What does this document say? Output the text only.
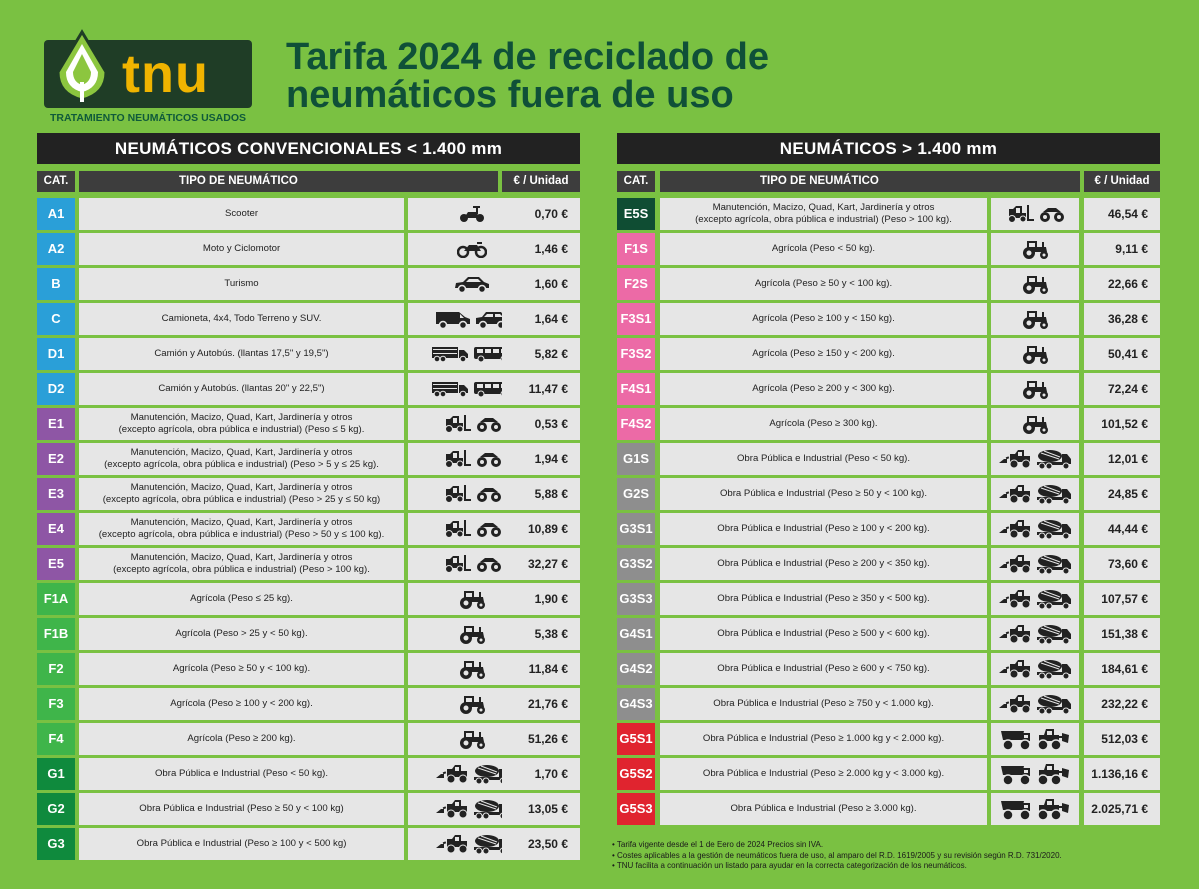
tnu
TRATAMIENTO NEUMÁTICOS USADOS
Tarifa 2024 de reciclado de
neumáticos fuera de uso
NEUMÁTICOS CONVENCIONALES < 1.400 mm
CAT.	TIPO DE NEUMÁTICO	€ / Unidad
NEUMÁTICOS > 1.400 mm
CAT.	TIPO DE NEUMÁTICO	€ / Unidad
A1	Scooter	0,70 €
A2	Moto y Ciclomotor	1,46 €
B	Turismo	1,60 €
C	Camioneta, 4x4, Todo Terreno y SUV.	1,64 €
D1	Camión y Autobús. (llantas 17,5" y 19,5")	5,82 €
D2	Camión y Autobús. (llantas 20" y 22,5")	11,47 €
E1	Manutención, Macizo, Quad, Kart, Jardinería y otros
(excepto agrícola, obra pública e industrial) (Peso ≤ 5 kg).	0,53 €
E2	Manutención, Macizo, Quad, Kart, Jardinería y otros
(excepto agrícola, obra pública e industrial) (Peso > 5 y ≤ 25 kg).	1,94 €
E3	Manutención, Macizo, Quad, Kart, Jardinería y otros
(excepto agrícola, obra pública e industrial) (Peso > 25 y ≤ 50 kg)	5,88 €
E4	Manutención, Macizo, Quad, Kart, Jardinería y otros
(excepto agrícola, obra pública e industrial) (Peso > 50 y ≤ 100 kg).	10,89 €
E5	Manutención, Macizo, Quad, Kart, Jardinería y otros
(excepto agrícola, obra pública e industrial) (Peso > 100 kg).	32,27 €
F1A	Agrícola (Peso ≤ 25 kg).	1,90 €
F1B	Agrícola (Peso > 25 y < 50 kg).	5,38 €
F2	Agrícola (Peso ≥ 50 y < 100 kg).	11,84 €
F3	Agrícola (Peso ≥ 100 y < 200 kg).	21,76 €
F4	Agrícola (Peso ≥ 200 kg).	51,26 €
G1	Obra Pública e Industrial (Peso < 50 kg).	1,70 €
G2	Obra Pública e Industrial (Peso ≥ 50 y < 100 kg)	13,05 €
G3	Obra Pública e Industrial (Peso ≥ 100 y < 500 kg)	23,50 €
E5S	Manutención, Macizo, Quad, Kart, Jardinería y otros
(excepto agrícola, obra pública e industrial) (Peso > 100 kg).	46,54 €
F1S	Agrícola (Peso < 50 kg).	9,11 €
F2S	Agrícola (Peso ≥ 50 y < 100 kg).	22,66 €
F3S1	Agrícola (Peso ≥ 100 y < 150 kg).	36,28 €
F3S2	Agrícola (Peso ≥ 150 y < 200 kg).	50,41 €
F4S1	Agrícola (Peso ≥ 200 y < 300 kg).	72,24 €
F4S2	Agrícola (Peso ≥ 300 kg).	101,52 €
G1S	Obra Pública e Industrial (Peso < 50 kg).	12,01 €
G2S	Obra Pública e Industrial (Peso ≥ 50 y < 100 kg).	24,85 €
G3S1	Obra Pública e Industrial (Peso ≥ 100 y < 200 kg).	44,44 €
G3S2	Obra Pública e Industrial (Peso ≥ 200 y < 350 kg).	73,60 €
G3S3	Obra Pública e Industrial (Peso ≥ 350 y < 500 kg).	107,57 €
G4S1	Obra Pública e Industrial (Peso ≥ 500 y < 600 kg).	151,38 €
G4S2	Obra Pública e Industrial (Peso ≥ 600 y < 750 kg).	184,61 €
G4S3	Obra Pública e Industrial (Peso ≥ 750 y < 1.000 kg).	232,22 €
G5S1	Obra Pública e Industrial (Peso ≥ 1.000 kg y < 2.000 kg).	512,03 €
G5S2	Obra Pública e Industrial (Peso ≥ 2.000 kg y < 3.000 kg).	1.136,16 €
G5S3	Obra Pública e Industrial (Peso ≥ 3.000 kg).	2.025,71 €
• Tarifa vigente desde el 1 de Eero de 2024 Precios sin IVA.
• Costes aplicables a la gestión de neumáticos fuera de uso, al amparo del R.D. 1619/2005 y su revisión según R.D. 731/2020.
• TNU facilita a continuación un listado para ayudar en la correcta categorización de los neumáticos.
